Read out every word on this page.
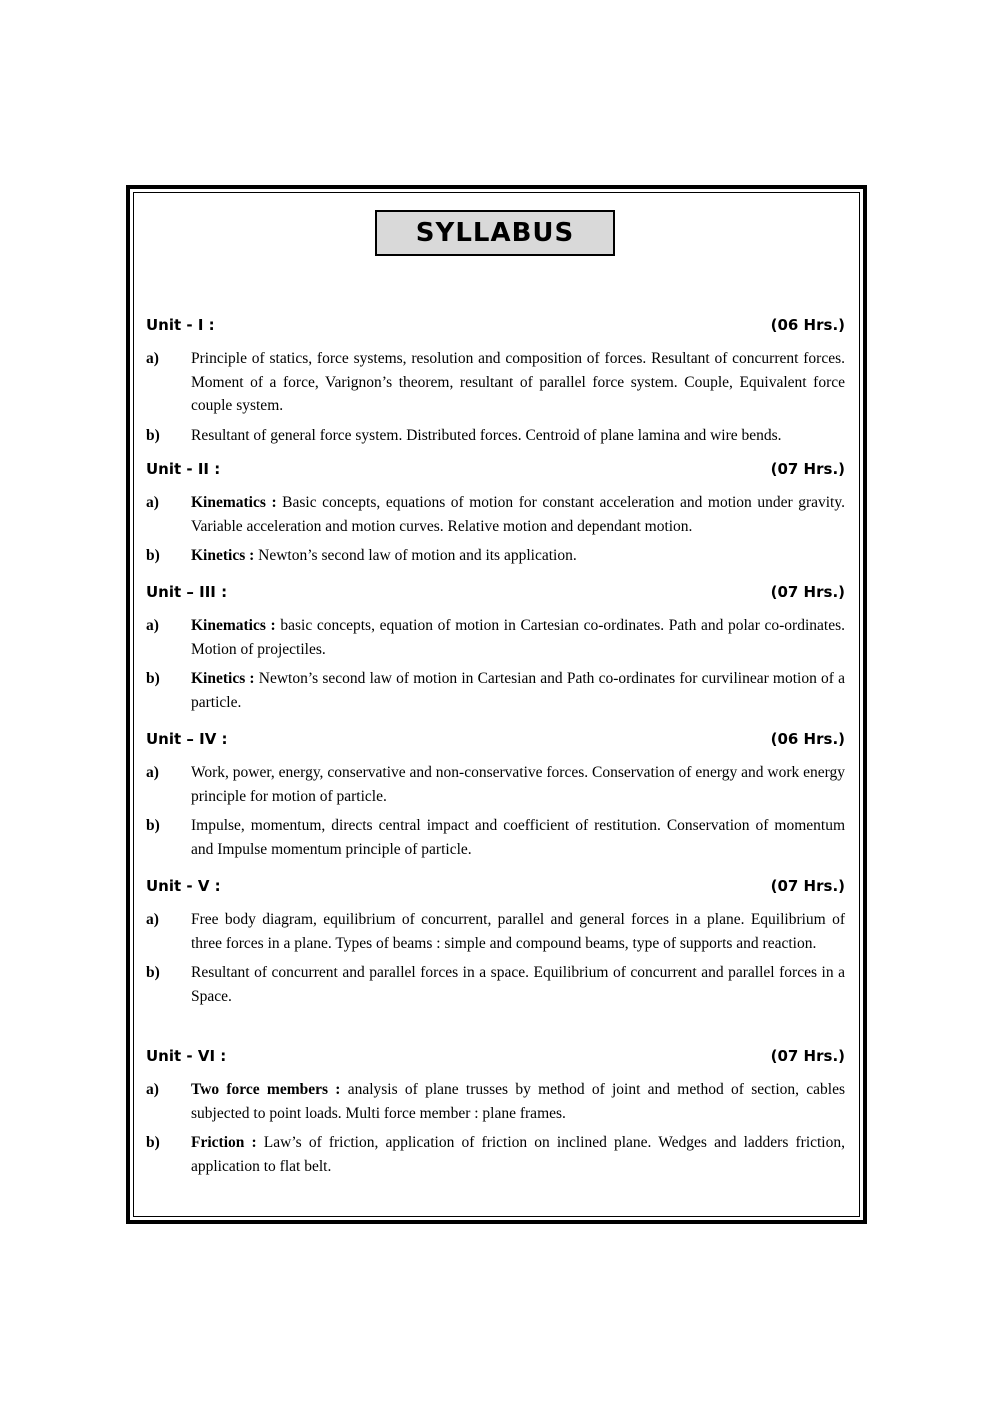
SYLLABUS
Unit - I :	(06 Hrs.)
a)	Principle of statics, force systems, resolution and composition of forces. Resultant of concurrent forces. Moment of a force, Varignon’s theorem, resultant of parallel force system. Couple, Equivalent force couple system.
b)	Resultant of general force system. Distributed forces. Centroid of plane lamina and wire bends.
Unit - II :	(07 Hrs.)
a)	Kinematics : Basic concepts, equations of motion for constant acceleration and motion under gravity. Variable acceleration and motion curves. Relative motion and dependant motion.
b)	Kinetics : Newton’s second law of motion and its application.
Unit – III :	(07 Hrs.)
a)	Kinematics : basic concepts, equation of motion in Cartesian co-ordinates. Path and polar co-ordinates. Motion of projectiles.
b)	Kinetics : Newton’s second law of motion in Cartesian and Path co-ordinates for curvilinear motion of a particle.
Unit – IV :	(06 Hrs.)
a)	Work, power, energy, conservative and non-conservative forces. Conservation of energy and work energy principle for motion of particle.
b)	Impulse, momentum, directs central impact and coefficient of restitution. Conservation of momentum and Impulse momentum principle of particle.
Unit - V :	(07 Hrs.)
a)	Free body diagram, equilibrium of concurrent, parallel and general forces in a plane. Equilibrium of three forces in a plane. Types of beams : simple and compound beams, type of supports and reaction.
b)	Resultant of concurrent and parallel forces in a space. Equilibrium of concurrent and parallel forces in a Space.
Unit - VI :	(07 Hrs.)
a)	Two force members : analysis of plane trusses by method of joint and method of section, cables subjected to point loads. Multi force member : plane frames.
b)	Friction : Law’s of friction, application of friction on inclined plane. Wedges and ladders friction, application to flat belt.
